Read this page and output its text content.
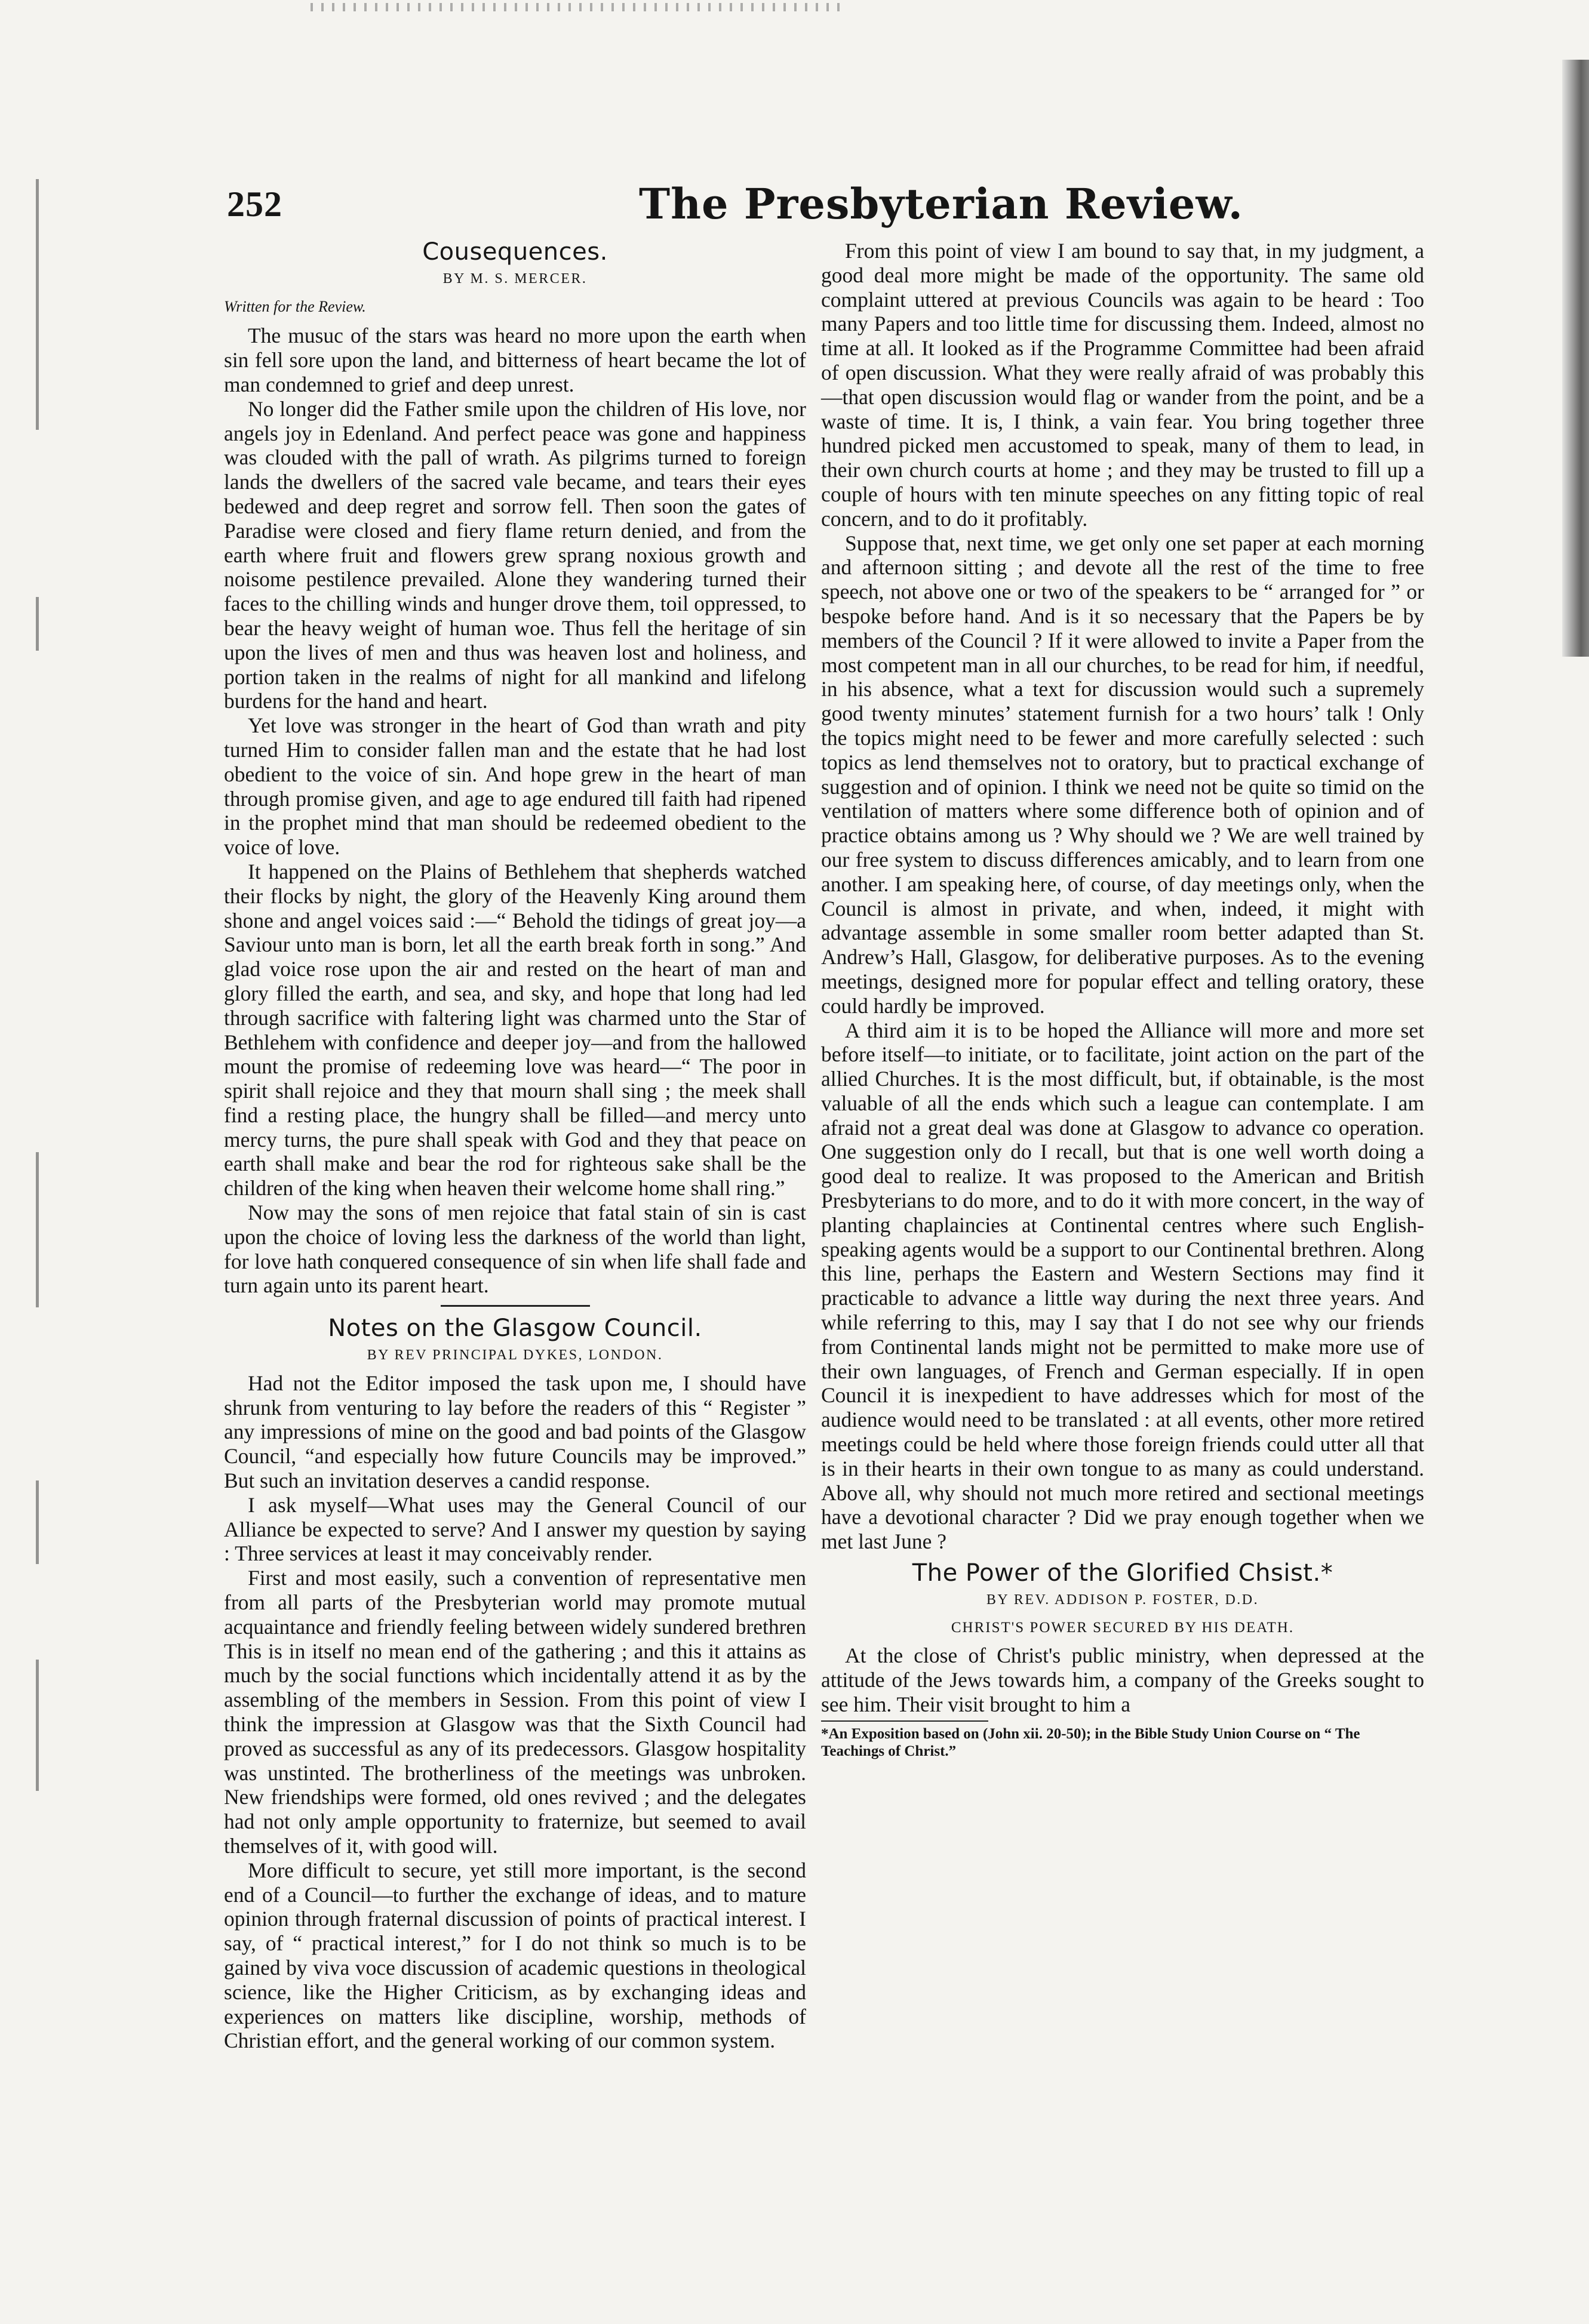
252	The Presbyterian Review.
Cousequences.
BY M. S. MERCER.
Written for the Review.

The musuc of the stars was heard no more upon the earth when sin fell sore upon the land, and bitterness of heart became the lot of man condemned to grief and deep unrest.

No longer did the Father smile upon the children of His love, nor angels joy in Edenland. And perfect peace was gone and happiness was clouded with the pall of wrath. As pilgrims turned to foreign lands the dwellers of the sacred vale became, and tears their eyes bedewed and deep regret and sorrow fell. Then soon the gates of Paradise were closed and fiery flame return denied, and from the earth where fruit and flowers grew sprang noxious growth and noisome pestilence prevailed. Alone they wandering turned their faces to the chilling winds and hunger drove them, toil oppressed, to bear the heavy weight of human woe. Thus fell the heritage of sin upon the lives of men and thus was heaven lost and holiness, and portion taken in the realms of night for all mankind and lifelong burdens for the hand and heart.

Yet love was stronger in the heart of God than wrath and pity turned Him to consider fallen man and the estate that he had lost obedient to the voice of sin. And hope grew in the heart of man through promise given, and age to age endured till faith had ripened in the prophet mind that man should be redeemed obedient to the voice of love.

It happened on the Plains of Bethlehem that shepherds watched their flocks by night, the glory of the Heavenly King around them shone and angel voices said :—“ Behold the tidings of great joy—a Saviour unto man is born, let all the earth break forth in song.” And glad voice rose upon the air and rested on the heart of man and glory filled the earth, and sea, and sky, and hope that long had led through sacrifice with faltering light was charmed unto the Star of Bethlehem with confidence and deeper joy—and from the hallowed mount the promise of redeeming love was heard—“ The poor in spirit shall rejoice and they that mourn shall sing ; the meek shall find a resting place, the hungry shall be filled—and mercy unto mercy turns, the pure shall speak with God and they that peace on earth shall make and bear the rod for righteous sake shall be the children of the king when heaven their welcome home shall ring.”

Now may the sons of men rejoice that fatal stain of sin is cast upon the choice of loving less the darkness of the world than light, for love hath conquered consequence of sin when life shall fade and turn again unto its parent heart.

Notes on the Glasgow Council.
BY REV PRINCIPAL DYKES, LONDON.

Had not the Editor imposed the task upon me, I should have shrunk from venturing to lay before the readers of this “ Register ” any impressions of mine on the good and bad points of the Glasgow Council, “and especially how future Councils may be improved.” But such an invitation deserves a candid response.

I ask myself—What uses may the General Council of our Alliance be expected to serve? And I answer my question by saying : Three services at least it may conceivably render.

First and most easily, such a convention of representative men from all parts of the Presbyterian world may promote mutual acquaintance and friendly feeling between widely sundered brethren This is in itself no mean end of the gathering ; and this it attains as much by the social functions which incidentally attend it as by the assembling of the members in Session. From this point of view I think the impression at Glasgow was that the Sixth Council had proved as successful as any of its predecessors. Glasgow hospitality was unstinted. The brotherliness of the meetings was unbroken. New friendships were formed, old ones revived ; and the delegates had not only ample opportunity to fraternize, but seemed to avail themselves of it, with good will.

More difficult to secure, yet still more important, is the second end of a Council—to further the exchange of ideas, and to mature opinion through fraternal discussion of points of practical interest. I say, of “ practical interest,” for I do not think so much is to be gained by viva voce discussion of academic questions in theological science, like the Higher Criticism, as by exchanging ideas and experiences on matters like discipline, worship, methods of Christian effort, and the general working of our common system.

From this point of view I am bound to say that, in my judgment, a good deal more might be made of the opportunity. The same old complaint uttered at previous Councils was again to be heard : Too many Papers and too little time for discussing them. Indeed, almost no time at all. It looked as if the Programme Committee had been afraid of open discussion. What they were really afraid of was probably this—that open discussion would flag or wander from the point, and be a waste of time. It is, I think, a vain fear. You bring together three hundred picked men accustomed to speak, many of them to lead, in their own church courts at home ; and they may be trusted to fill up a couple of hours with ten minute speeches on any fitting topic of real concern, and to do it profitably.

Suppose that, next time, we get only one set paper at each morning and afternoon sitting ; and devote all the rest of the time to free speech, not above one or two of the speakers to be “ arranged for ” or bespoke before hand. And is it so necessary that the Papers be by members of the Council ? If it were allowed to invite a Paper from the most competent man in all our churches, to be read for him, if needful, in his absence, what a text for discussion would such a supremely good twenty minutes’ statement furnish for a two hours’ talk ! Only the topics might need to be fewer and more carefully selected : such topics as lend themselves not to oratory, but to practical exchange of suggestion and of opinion. I think we need not be quite so timid on the ventilation of matters where some difference both of opinion and of practice obtains among us ? Why should we ? We are well trained by our free system to discuss differences amicably, and to learn from one another. I am speaking here, of course, of day meetings only, when the Council is almost in private, and when, indeed, it might with advantage assemble in some smaller room better adapted than St. Andrew’s Hall, Glasgow, for deliberative purposes. As to the evening meetings, designed more for popular effect and telling oratory, these could hardly be improved.

A third aim it is to be hoped the Alliance will more and more set before itself—to initiate, or to facilitate, joint action on the part of the allied Churches. It is the most difficult, but, if obtainable, is the most valuable of all the ends which such a league can contemplate. I am afraid not a great deal was done at Glasgow to advance co operation. One suggestion only do I recall, but that is one well worth doing a good deal to realize. It was proposed to the American and British Presbyterians to do more, and to do it with more concert, in the way of planting chaplaincies at Continental centres where such English-speaking agents would be a support to our Continental brethren. Along this line, perhaps the Eastern and Western Sections may find it practicable to advance a little way during the next three years. And while referring to this, may I say that I do not see why our friends from Continental lands might not be permitted to make more use of their own languages, of French and German especially. If in open Council it is inexpedient to have addresses which for most of the audience would need to be translated : at all events, other more retired meetings could be held where those foreign friends could utter all that is in their hearts in their own tongue to as many as could understand. Above all, why should not much more retired and sectional meetings have a devotional character ? Did we pray enough together when we met last June ?

The Power of the Glorified Chsist.*
BY REV. ADDISON P. FOSTER, D.D.
CHRIST'S POWER SECURED BY HIS DEATH.

At the close of Christ's public ministry, when depressed at the attitude of the Jews towards him, a company of the Greeks sought to see him. Their visit brought to him a

*An Exposition based on (John xii. 20-50); in the Bible Study Union Course on “ The Teachings of Christ.”
